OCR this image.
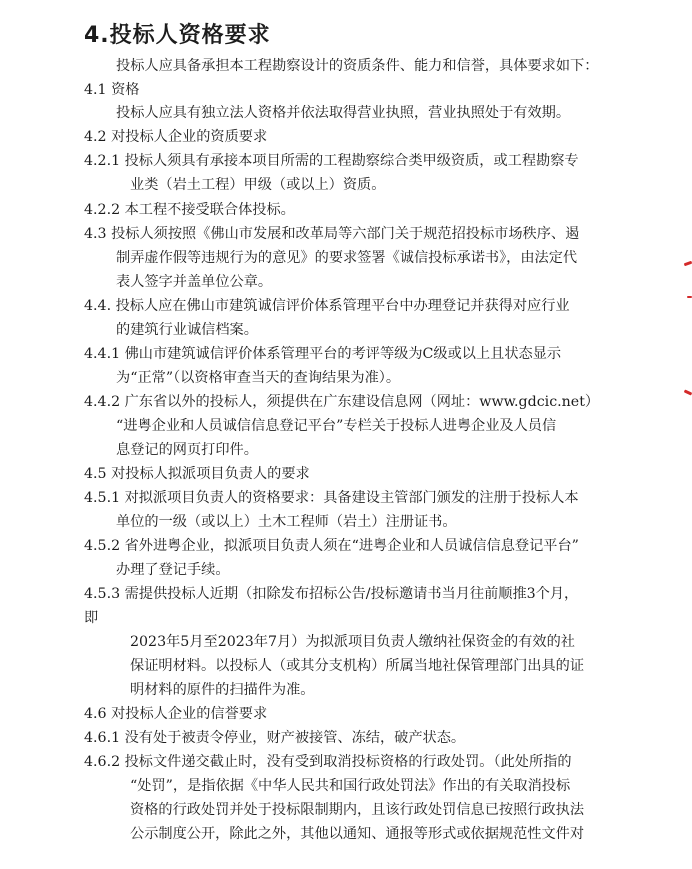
4.投标人资格要求
投标人应具备承担本工程勘察设计的资质条件、能力和信誉，具体要求如下：
4.1 资格
投标人应具有独立法人资格并依法取得营业执照，营业执照处于有效期。
4.2 对投标人企业的资质要求
4.2.1 投标人须具有承接本项目所需的工程勘察综合类甲级资质，或工程勘察专
业类（岩土工程）甲级（或以上）资质。
4.2.2 本工程不接受联合体投标。
4.3 投标人须按照《佛山市发展和改革局等六部门关于规范招投标市场秩序、遏
制弄虚作假等违规行为的意见》的要求签署《诚信投标承诺书》，由法定代
表人签字并盖单位公章。
4.4. 投标人应在佛山市建筑诚信评价体系管理平台中办理登记并获得对应行业
的建筑行业诚信档案。
4.4.1 佛山市建筑诚信评价体系管理平台的考评等级为C级或以上且状态显示
为“正常”（以资格审查当天的查询结果为准）。
4.4.2 广东省以外的投标人，须提供在广东建设信息网（网址：www.gdcic.net）
“进粤企业和人员诚信信息登记平台”专栏关于投标人进粤企业及人员信
息登记的网页打印件。
4.5 对投标人拟派项目负责人的要求
4.5.1 对拟派项目负责人的资格要求：具备建设主管部门颁发的注册于投标人本
单位的一级（或以上）土木工程师（岩土）注册证书。
4.5.2 省外进粤企业，拟派项目负责人须在“进粤企业和人员诚信信息登记平台”
办理了登记手续。
4.5.3 需提供投标人近期（扣除发布招标公告/投标邀请书当月往前顺推3个月，
即
2023年5月至2023年7月）为拟派项目负责人缴纳社保资金的有效的社
保证明材料。以投标人（或其分支机构）所属当地社保管理部门出具的证
明材料的原件的扫描件为准。
4.6 对投标人企业的信誉要求
4.6.1 没有处于被责令停业，财产被接管、冻结，破产状态。
4.6.2 投标文件递交截止时，没有受到取消投标资格的行政处罚。（此处所指的
“处罚”，是指依据《中华人民共和国行政处罚法》作出的有关取消投标
资格的行政处罚并处于投标限制期内，且该行政处罚信息已按照行政执法
公示制度公开，除此之外，其他以通知、通报等形式或依据规范性文件对
